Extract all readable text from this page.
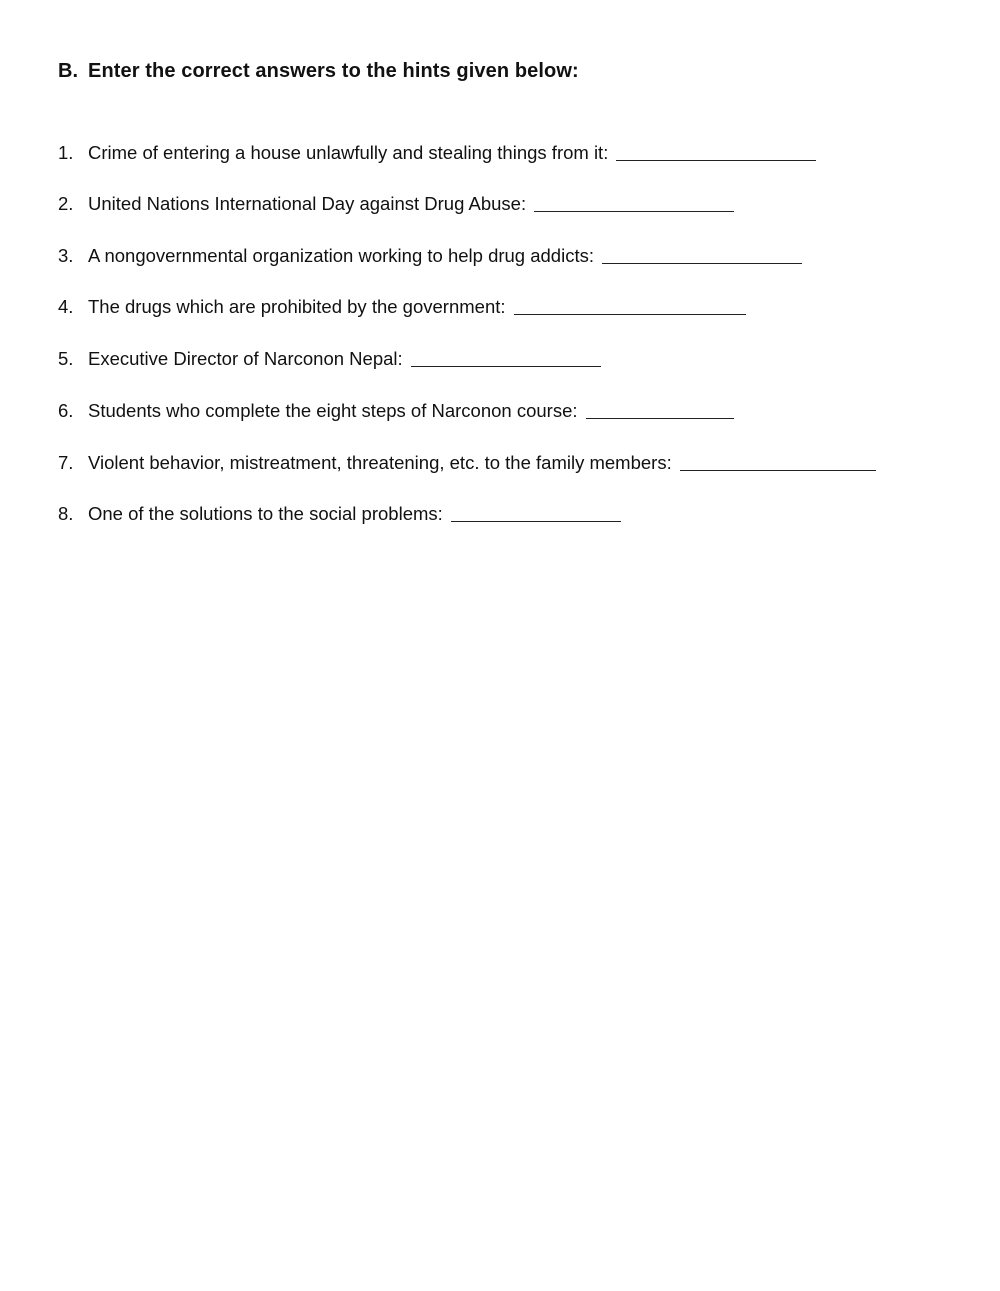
B. Enter the correct answers to the hints given below:
1. Crime of entering a house unlawfully and stealing things from it:
2. United Nations International Day against Drug Abuse:
3. A nongovernmental organization working to help drug addicts:
4. The drugs which are prohibited by the government:
5. Executive Director of Narconon Nepal:
6. Students who complete the eight steps of Narconon course:
7. Violent behavior, mistreatment, threatening, etc. to the family members:
8. One of the solutions to the social problems:
